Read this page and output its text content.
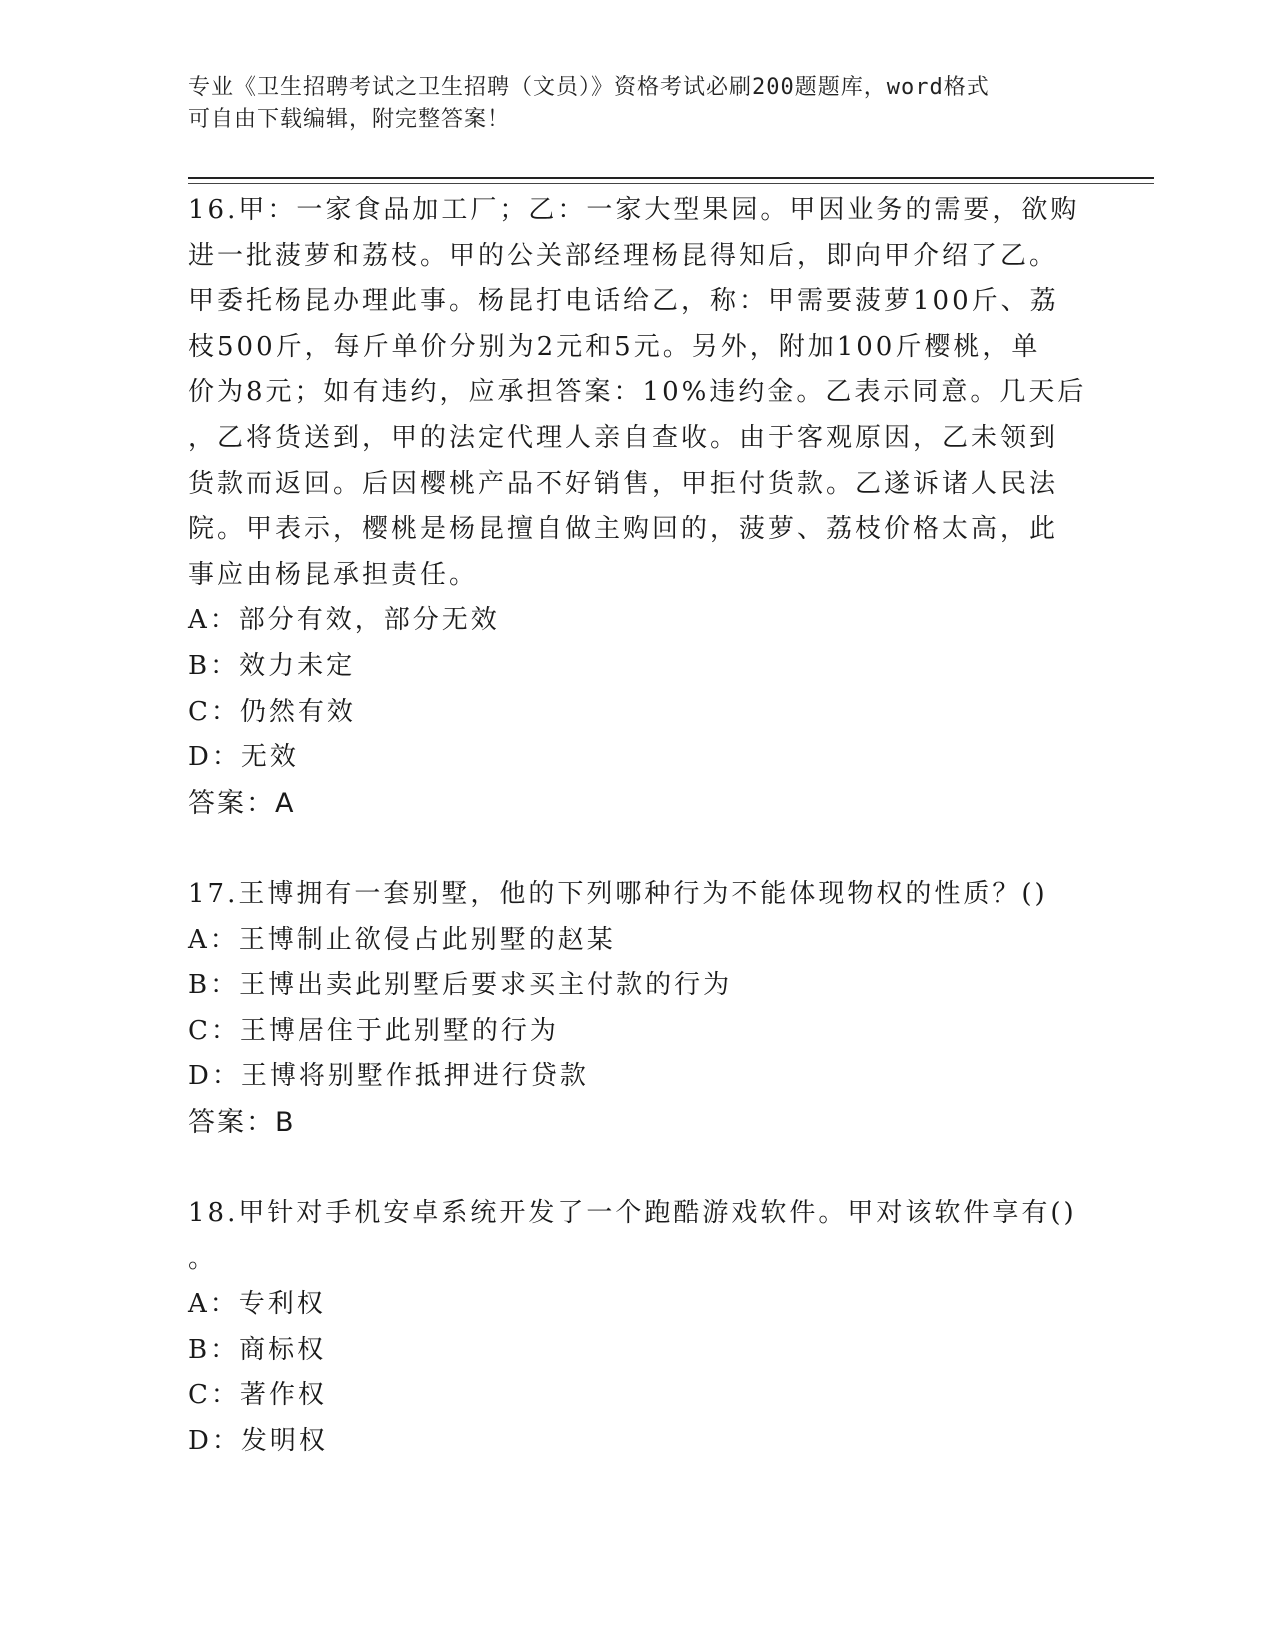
专业《卫生招聘考试之卫生招聘（文员）》资格考试必刷200题题库，word格式
可自由下载编辑，附完整答案！
16.甲：一家食品加工厂；乙：一家大型果园。甲因业务的需要，欲购
进一批菠萝和荔枝。甲的公关部经理杨昆得知后，即向甲介绍了乙。
甲委托杨昆办理此事。杨昆打电话给乙，称：甲需要菠萝100斤、荔
枝500斤，每斤单价分别为2元和5元。另外，附加100斤樱桃，单
价为8元；如有违约，应承担答案：10%违约金。乙表示同意。几天后
，乙将货送到，甲的法定代理人亲自查收。由于客观原因，乙未领到
货款而返回。后因樱桃产品不好销售，甲拒付货款。乙遂诉诸人民法
院。甲表示，樱桃是杨昆擅自做主购回的，菠萝、荔枝价格太高，此
事应由杨昆承担责任。
A：部分有效，部分无效
B：效力未定
C：仍然有效
D：无效
答案：A
17.王博拥有一套别墅，他的下列哪种行为不能体现物权的性质？()
A：王博制止欲侵占此别墅的赵某
B：王博出卖此别墅后要求买主付款的行为
C：王博居住于此别墅的行为
D：王博将别墅作抵押进行贷款
答案：B
18.甲针对手机安卓系统开发了一个跑酷游戏软件。甲对该软件享有()
。
A：专利权
B：商标权
C：著作权
D：发明权
